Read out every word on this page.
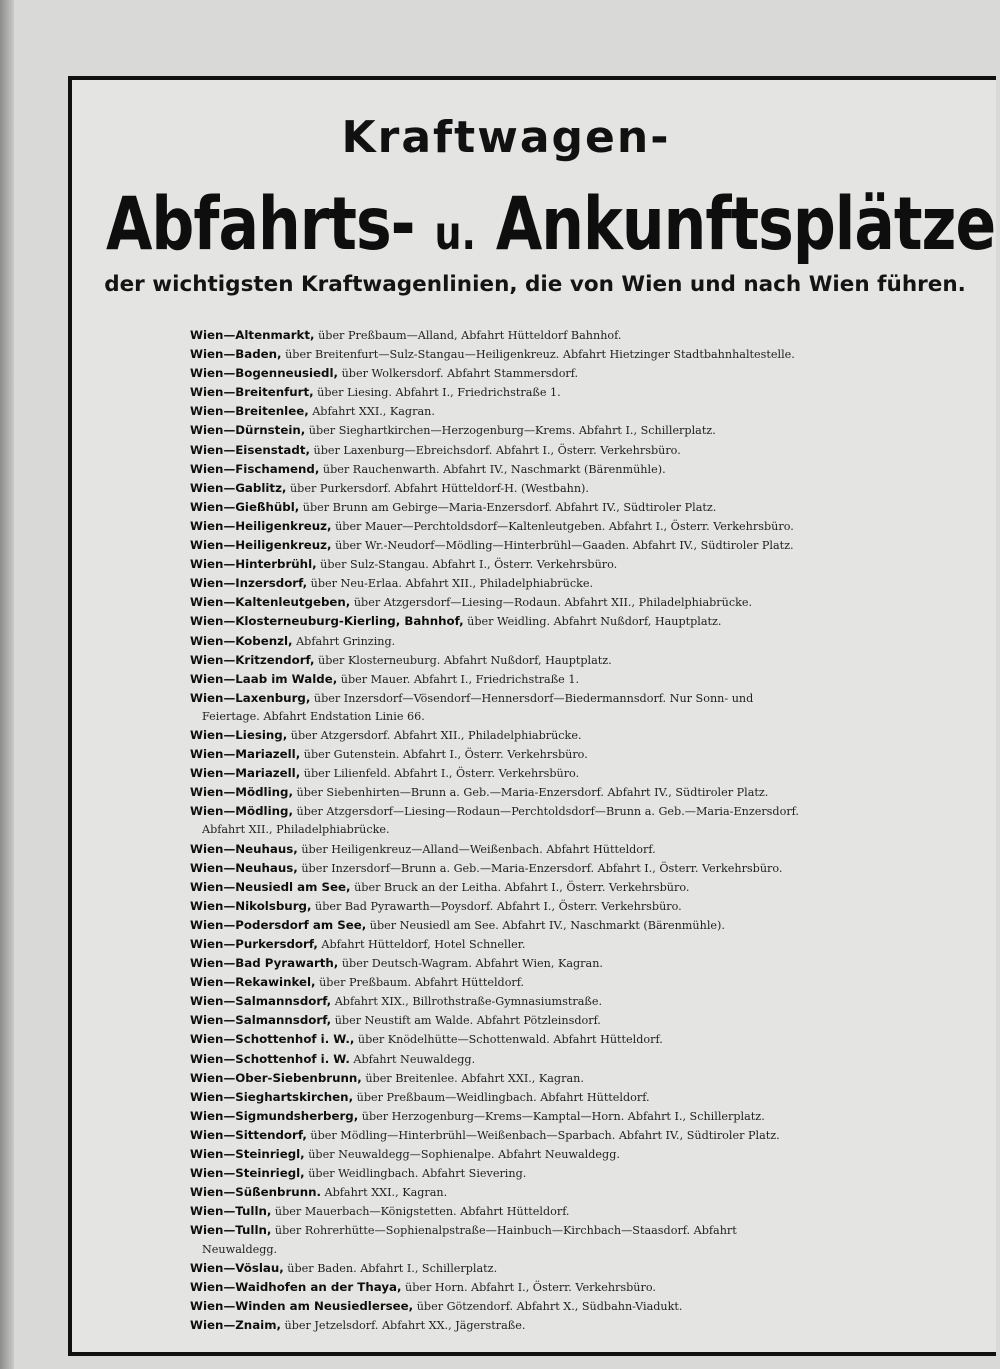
Kraftwagen-
Abfahrts- u. Ankunftsplätze
der wichtigsten Kraftwagenlinien, die von Wien und nach Wien führen.
Wien—Altenmarkt, über Preßbaum—Alland, Abfahrt Hütteldorf Bahnhof.
Wien—Baden, über Breitenfurt—Sulz-Stangau—Heiligenkreuz. Abfahrt Hietzinger Stadtbahnhaltestelle.
Wien—Bogenneusiedl, über Wolkersdorf. Abfahrt Stammersdorf.
Wien—Breitenfurt, über Liesing. Abfahrt I., Friedrichstraße 1.
Wien—Breitenlee, Abfahrt XXI., Kagran.
Wien—Dürnstein, über Sieghartkirchen—Herzogenburg—Krems. Abfahrt I., Schillerplatz.
Wien—Eisenstadt, über Laxenburg—Ebreichsdorf. Abfahrt I., Österr. Verkehrsbüro.
Wien—Fischamend, über Rauchenwarth. Abfahrt IV., Naschmarkt (Bärenmühle).
Wien—Gablitz, über Purkersdorf. Abfahrt Hütteldorf-H. (Westbahn).
Wien—Gießhübl, über Brunn am Gebirge—Maria-Enzersdorf. Abfahrt IV., Südtiroler Platz.
Wien—Heiligenkreuz, über Mauer—Perchtoldsdorf—Kaltenleutgeben. Abfahrt I., Österr. Verkehrsbüro.
Wien—Heiligenkreuz, über Wr.-Neudorf—Mödling—Hinterbrühl—Gaaden. Abfahrt IV., Südtiroler Platz.
Wien—Hinterbrühl, über Sulz-Stangau. Abfahrt I., Österr. Verkehrsbüro.
Wien—Inzersdorf, über Neu-Erlaa. Abfahrt XII., Philadelphiabrücke.
Wien—Kaltenleutgeben, über Atzgersdorf—Liesing—Rodaun. Abfahrt XII., Philadelphiabrücke.
Wien—Klosterneuburg-Kierling, Bahnhof, über Weidling. Abfahrt Nußdorf, Hauptplatz.
Wien—Kobenzl, Abfahrt Grinzing.
Wien—Kritzendorf, über Klosterneuburg. Abfahrt Nußdorf, Hauptplatz.
Wien—Laab im Walde, über Mauer. Abfahrt I., Friedrichstraße 1.
Wien—Laxenburg, über Inzersdorf—Vösendorf—Hennersdorf—Biedermannsdorf. Nur Sonn- und
Feiertage. Abfahrt Endstation Linie 66.
Wien—Liesing, über Atzgersdorf. Abfahrt XII., Philadelphiabrücke.
Wien—Mariazell, über Gutenstein. Abfahrt I., Österr. Verkehrsbüro.
Wien—Mariazell, über Lilienfeld. Abfahrt I., Österr. Verkehrsbüro.
Wien—Mödling, über Siebenhirten—Brunn a. Geb.—Maria-Enzersdorf. Abfahrt IV., Südtiroler Platz.
Wien—Mödling, über Atzgersdorf—Liesing—Rodaun—Perchtoldsdorf—Brunn a. Geb.—Maria-Enzersdorf.
Abfahrt XII., Philadelphiabrücke.
Wien—Neuhaus, über Heiligenkreuz—Alland—Weißenbach. Abfahrt Hütteldorf.
Wien—Neuhaus, über Inzersdorf—Brunn a. Geb.—Maria-Enzersdorf. Abfahrt I., Österr. Verkehrsbüro.
Wien—Neusiedl am See, über Bruck an der Leitha. Abfahrt I., Österr. Verkehrsbüro.
Wien—Nikolsburg, über Bad Pyrawarth—Poysdorf. Abfahrt I., Österr. Verkehrsbüro.
Wien—Podersdorf am See, über Neusiedl am See. Abfahrt IV., Naschmarkt (Bärenmühle).
Wien—Purkersdorf, Abfahrt Hütteldorf, Hotel Schneller.
Wien—Bad Pyrawarth, über Deutsch-Wagram. Abfahrt Wien, Kagran.
Wien—Rekawinkel, über Preßbaum. Abfahrt Hütteldorf.
Wien—Salmannsdorf, Abfahrt XIX., Billrothstraße-Gymnasiumstraße.
Wien—Salmannsdorf, über Neustift am Walde. Abfahrt Pötzleinsdorf.
Wien—Schottenhof i. W., über Knödelhütte—Schottenwald. Abfahrt Hütteldorf.
Wien—Schottenhof i. W. Abfahrt Neuwaldegg.
Wien—Ober-Siebenbrunn, über Breitenlee. Abfahrt XXI., Kagran.
Wien—Sieghartskirchen, über Preßbaum—Weidlingbach. Abfahrt Hütteldorf.
Wien—Sigmundsherberg, über Herzogenburg—Krems—Kamptal—Horn. Abfahrt I., Schillerplatz.
Wien—Sittendorf, über Mödling—Hinterbrühl—Weißenbach—Sparbach. Abfahrt IV., Südtiroler Platz.
Wien—Steinriegl, über Neuwaldegg—Sophienalpe. Abfahrt Neuwaldegg.
Wien—Steinriegl, über Weidlingbach. Abfahrt Sievering.
Wien—Süßenbrunn. Abfahrt XXI., Kagran.
Wien—Tulln, über Mauerbach—Königstetten. Abfahrt Hütteldorf.
Wien—Tulln, über Rohrerhütte—Sophienalpstraße—Hainbuch—Kirchbach—Staasdorf. Abfahrt
Neuwaldegg.
Wien—Vöslau, über Baden. Abfahrt I., Schillerplatz.
Wien—Waidhofen an der Thaya, über Horn. Abfahrt I., Österr. Verkehrsbüro.
Wien—Winden am Neusiedlersee, über Götzendorf. Abfahrt X., Südbahn-Viadukt.
Wien—Znaim, über Jetzelsdorf. Abfahrt XX., Jägerstraße.
